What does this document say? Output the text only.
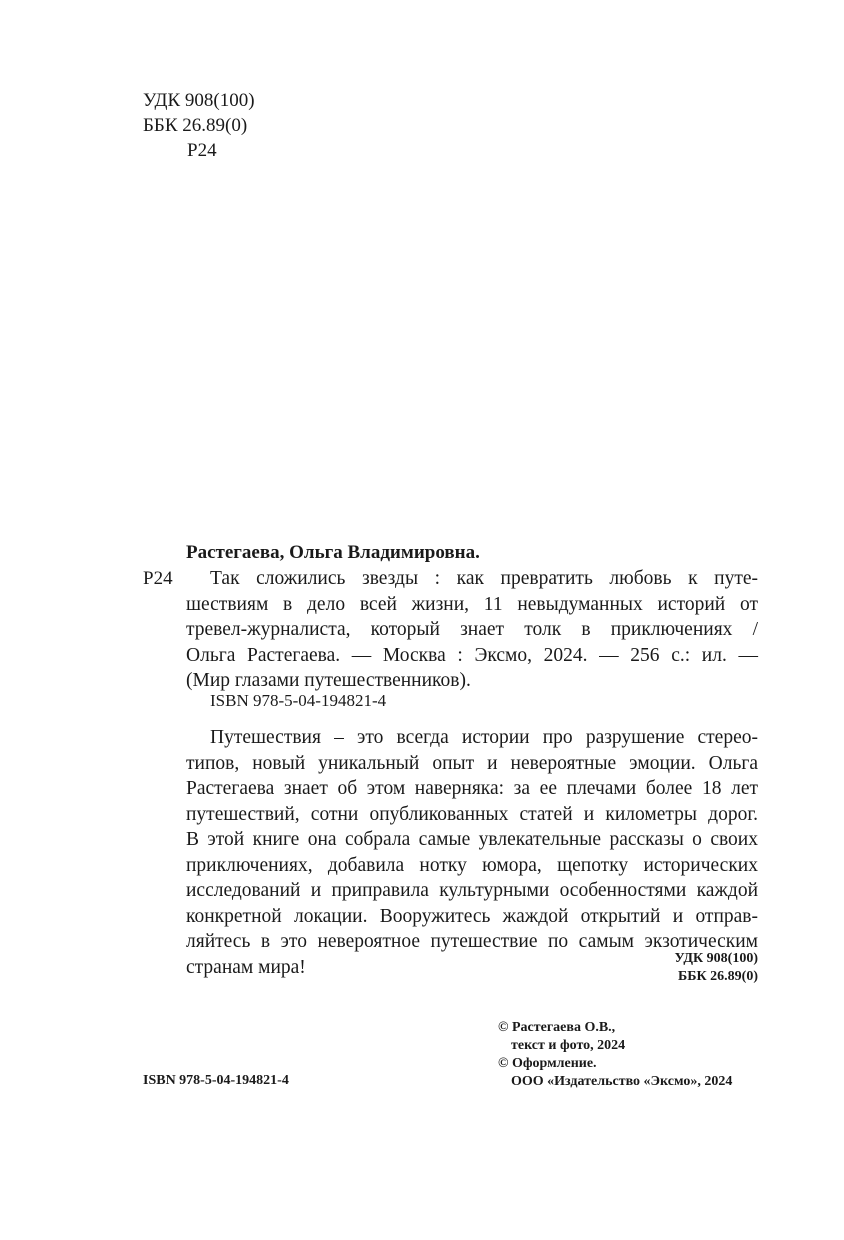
УДК 908(100)
ББК 26.89(0)
Р24
Растегаева, Ольга Владимировна.
Р24	Так сложились звезды : как превратить любовь к путе-
шествиям в дело всей жизни, 11 невыдуманных историй от
тревел-журналиста, который знает толк в приключениях /
Ольга Растегаева. — Москва : Эксмо, 2024. — 256 с.: ил. —
(Мир глазами путешественников).
ISBN 978-5-04-194821-4
Путешествия – это всегда истории про разрушение стерео-
типов, новый уникальный опыт и невероятные эмоции. Ольга
Растегаева знает об этом наверняка: за ее плечами более 18 лет
путешествий, сотни опубликованных статей и километры дорог.
В этой книге она собрала самые увлекательные рассказы о своих
приключениях, добавила нотку юмора, щепотку исторических
исследований и приправила культурными особенностями каждой
конкретной локации. Вооружитесь жаждой открытий и отправ-
ляйтесь в это невероятное путешествие по самым экзотическим
странам мира!	УДК 908(100)
ББК 26.89(0)
© Растегаева О.В.,
текст и фото, 2024
© Оформление.
ООО «Издательство «Эксмо», 2024
ISBN 978-5-04-194821-4
